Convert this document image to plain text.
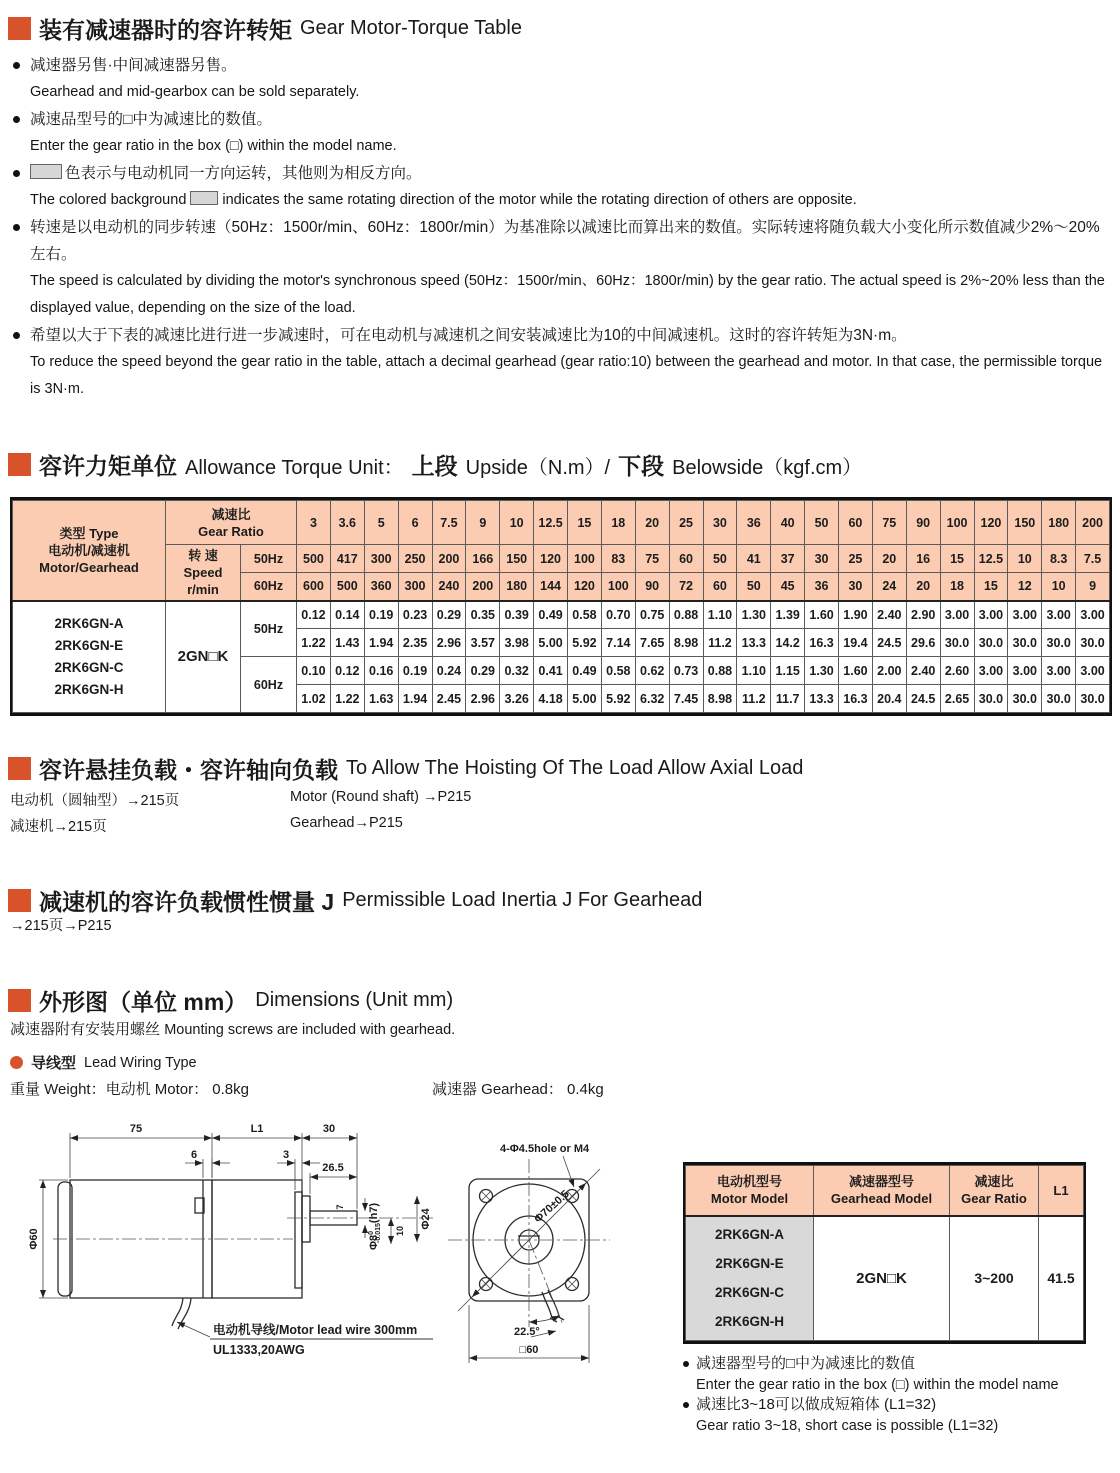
装有减速器时的容许转矩 Gear Motor-Torque Table
减速器另售·中间减速器另售。
Gearhead and mid-gearbox can be sold separately.
减速品型号的□中为减速比的数值。
Enter the gear ratio in the box (□) within the model name.
色表示与电动机同一方向运转，其他则为相反方向。
The colored background indicates the same rotating direction of the motor while the rotating direction of others are opposite.
转速是以电动机的同步转速（50Hz：1500r/min、60Hz：1800r/min）为基准除以减速比而算出来的数值。实际转速将随负载大小变化所示数值减少2%～20%左右。
The speed is calculated by dividing the motor's synchronous speed (50Hz：1500r/min、60Hz：1800r/min) by the gear ratio. The actual speed is 2%~20% less than the displayed value, depending on the size of the load.
希望以大于下表的减速比进行进一步减速时，可在电动机与减速机之间安装减速比为10的中间减速机。这时的容许转矩为3N·m。
To reduce the speed beyond the gear ratio in the table, attach a decimal gearhead (gear ratio:10) between the gearhead and motor. In that case, the permissible torque is 3N·m.
容许力矩单位 Allowance Torque Unit： 上段 Upside（N.m）/ 下段 Belowside（kgf.cm）
类型 Type
电动机/减速机
Motor/Gearhead

减速比
Gear Ratio
	3	3.6	5	6	7.5	9	10	12.5	15	18	20	25	30	36	40	50	60	75	90	100	120	150	180	200

	转 速
Speed r/min	50Hz	500	417	300	250	200	166	150	120	100	83	75	60	50	41	37	30	25	20	16	15	12.5	10	8.3	7.5
		60Hz	600	500	360	300	240	200	180	144	120	100	90	72	60	50	45	36	30	24	20	18	15	12	10	9

2RK6GN-A
2RK6GN-E
2RK6GN-C
2RK6GN-H	2GN□K	50Hz	0.12	0.14	0.19	0.23	0.29	0.35	0.39	0.49	0.58	0.70	0.75	0.88	1.10	1.30	1.39	1.60	1.90	2.40	2.90	3.00	3.00	3.00	3.00	3.00
			1.22	1.43	1.94	2.35	2.96	3.57	3.98	5.00	5.92	7.14	7.65	8.98	11.2	13.3	14.2	16.3	19.4	24.5	29.6	30.0	30.0	30.0	30.0	30.0
		60Hz	0.10	0.12	0.16	0.19	0.24	0.29	0.32	0.41	0.49	0.58	0.62	0.73	0.88	1.10	1.15	1.30	1.60	2.00	2.40	2.60	3.00	3.00	3.00	3.00
			1.02	1.22	1.63	1.94	2.45	2.96	3.26	4.18	5.00	5.92	6.32	7.45	8.98	11.2	11.7	13.3	16.3	20.4	24.5	2.65	30.0	30.0	30.0	30.0
容许悬挂负载・容许轴向负载 To Allow The Hoisting Of The Load Allow Axial Load
电动机（圆轴型）→215页	Motor (Round shaft) →P215
减速机→215页	Gearhead→P215
减速机的容许负载惯性惯量 J Permissible Load Inertia J For Gearhead
→215页→P215
外形图（单位 mm） Dimensions (Unit mm)
减速器附有安装用螺丝 Mounting screws are included with gearhead.
导线型 Lead Wiring Type
重量 Weight：电动机 Motor： 0.8kg	减速器 Gearhead： 0.4kg
75	L1	30
6	3
26.5
Φ60
7
$\Phi 8^0-0.015(h7)$
10
Φ24
电动机导线/Motor lead wire 300mm
UL1333,20AWG
Φ70±0.5
4-Φ4.5hole or M4
22.5°
□60
电动机型号
Motor Model

减速器型号
Gearhead Model

减速比
Gear Ratio
	L1

2RK6GN-A
2RK6GN-E
2RK6GN-C
2RK6GN-H	2GN□K	3~200	41.5
减速器型号的□中为减速比的数值
Enter the gear ratio in the box (□) within the model name
减速比3~18可以做成短箱体 (L1=32)
Gear ratio 3~18, short case is possible (L1=32)
